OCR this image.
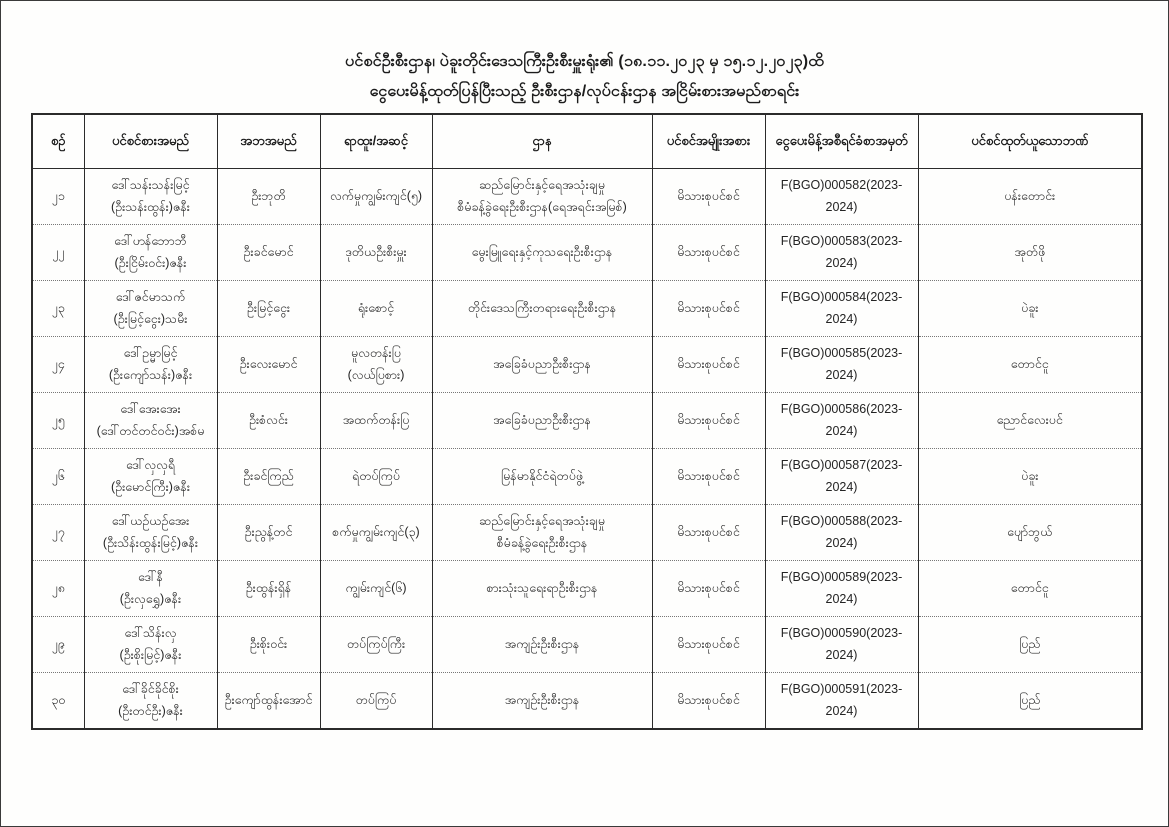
ပင်စင်ဦးစီးဌာန၊ ပဲခူးတိုင်းဒေသကြီးဦးစီးမှူးရုံး၏ (၁၈.၁၁.၂၀၂၃ မှ ၁၅.၁၂.၂၀၂၃)ထိ
ငွေပေးမိန့်ထုတ်ပြန်ပြီးသည့် ဦးစီးဌာန/လုပ်ငန်းဌာန အငြိမ်းစားအမည်စာရင်း
စဉ်	ပင်စင်စားအမည်	အဘအမည်	ရာထူး/အဆင့်	ဌာန	ပင်စင်အမျိုးအစား	ငွေပေးမိန့်အစီရင်ခံစာအမှတ်	ပင်စင်ထုတ်ယူသောဘဏ်
၂၁	ဒေါ်သန်းသန်းမြင့်
(ဦးသန်းထွန်း)ဇနီး	ဦးဘုတိ	လက်မှုကျွမ်းကျင်(၅)	ဆည်မြောင်းနှင့်ရေအသုံးချမှု
စီမံခန့်ခွဲရေးဦးစီးဌာန(ရေအရင်းအမြစ်)	မိသားစုပင်စင်	F(BGO)000582(2023-2024)	ပန်းတောင်း
၂၂	ဒေါ်ဟန်ဘောဘီ
(ဦးငြိမ်းဝင်း)ဇနီး	ဦးခင်မောင်	ဒုတိယဦးစီးမှူး	မွေးမြူရေးနှင့်ကုသရေးဦးစီးဌာန	မိသားစုပင်စင်	F(BGO)000583(2023-2024)	အုတ်ဖို
၂၃	ဒေါ်ဇင်မာသက်
(ဦးမြင့်ငွေး)သမီး	ဦးမြင့်ငွေး	ရုံးစောင့်	တိုင်းဒေသကြီးတရားရေးဦးစီးဌာန	မိသားစုပင်စင်	F(BGO)000584(2023-2024)	ပဲခူး
၂၄	ဒေါ်ဥမ္မာမြင့်
(ဦးကျော်သန်း)ဇနီး	ဦးလေးမောင်	မူလတန်းပြ
(လယ်ပြစား)	အခြေခံပညာဦးစီးဌာန	မိသားစုပင်စင်	F(BGO)000585(2023-2024)	တောင်ငူ
၂၅	ဒေါ်အေးအေး
(ဒေါ်တင်တင်ဝင်း)အစ်မ	ဦးစံလင်း	အထက်တန်းပြ	အခြေခံပညာဦးစီးဌာန	မိသားစုပင်စင်	F(BGO)000586(2023-2024)	ညောင်လေးပင်
၂၆	ဒေါ်လှလှရီ
(ဦးမောင်ကြီး)ဇနီး	ဦးခင်ကြည်	ရဲတပ်ကြပ်	မြန်မာနိုင်ငံရဲတပ်ဖွဲ့	မိသားစုပင်စင်	F(BGO)000587(2023-2024)	ပဲခူး
၂၇	ဒေါ်ယဉ်ယဉ်အေး
(ဦးသိန်းထွန်းမြင့်)ဇနီး	ဦးညွန့်တင်	စက်မှုကျွမ်းကျင်(၃)	ဆည်မြောင်းနှင့်ရေအသုံးချမှု
စီမံခန့်ခွဲရေးဦးစီးဌာန	မိသားစုပင်စင်	F(BGO)000588(2023-2024)	ပျော်ဘွယ်
၂၈	ဒေါ်နီ
(ဦးလှရွှေ)ဇနီး	ဦးထွန်းရှိန်	ကျွမ်းကျင်(၆)	စားသုံးသူရေးရာဦးစီးဌာန	မိသားစုပင်စင်	F(BGO)000589(2023-2024)	တောင်ငူ
၂၉	ဒေါ်သိန်းလှ
(ဦးစိုးမြင့်)ဇနီး	ဦးစိုးဝင်း	တပ်ကြပ်ကြီး	အကျဉ်းဦးစီးဌာန	မိသားစုပင်စင်	F(BGO)000590(2023-2024)	ပြည်
၃၀	ဒေါ်ခိုင်ခိုင်စိုး
(ဦးတင်ဦး)ဇနီး	ဦးကျော်ထွန်းအောင်	တပ်ကြပ်	အကျဉ်းဦးစီးဌာန	မိသားစုပင်စင်	F(BGO)000591(2023-2024)	ပြည်
